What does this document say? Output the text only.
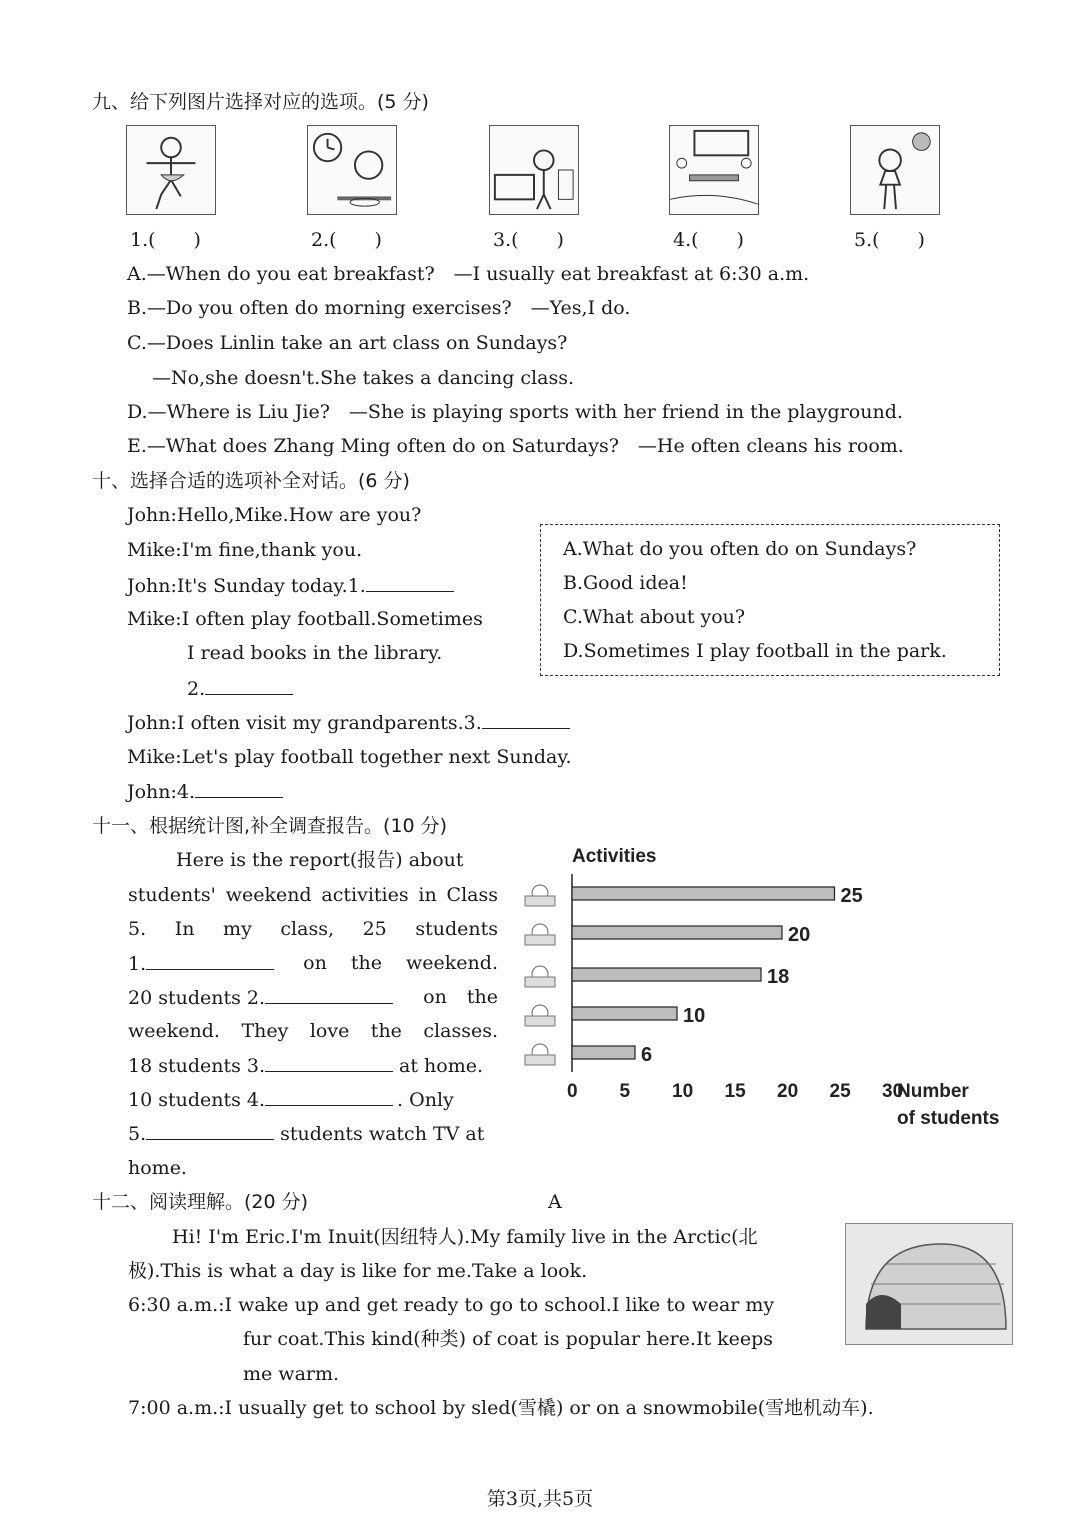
九、给下列图片选择对应的选项。(5 分)
1.(　　)	2.(　　)	3.(　　)	4.(　　)	5.(　　)
A.—When do you eat breakfast?　—I usually eat breakfast at 6:30 a.m.
B.—Do you often do morning exercises?　—Yes,I do.
C.—Does Linlin take an art class on Sundays?
—No,she doesn't.She takes a dancing class.
D.—Where is Liu Jie?　—She is playing sports with her friend in the playground.
E.—What does Zhang Ming often do on Saturdays?　—He often cleans his room.
十、选择合适的选项补全对话。(6 分)
John:Hello,Mike.How are you?
Mike:I'm fine,thank you.
John:It's Sunday today.1.
Mike:I often play football.Sometimes
I read books in the library.
2.
John:I often visit my grandparents.3.
Mike:Let's play football together next Sunday.
John:4.
A.What do you often do on Sundays?
B.Good idea!
C.What about you?
D.Sometimes I play football in the park.
十一、根据统计图,补全调查报告。(10 分)
Here is the report(报告) about
students' weekend activities in Class
5. In my class, 25 students
1.	on the weekend.
20 students 2.	on the
weekend. They love the classes.
18 students 3.	at home.
10 students 4.	. Only
5.	students watch TV at
home.
Activities
25
20
18
10
6
0 5 10 15 20 25 30
Number
of students
十二、阅读理解。(20 分)	A
Hi! I'm Eric.I'm Inuit(因纽特人).My family live in the Arctic(北
极).This is what a day is like for me.Take a look.
6:30 a.m.:I wake up and get ready to go to school.I like to wear my
fur coat.This kind(种类) of coat is popular here.It keeps
me warm.
7:00 a.m.:I usually get to school by sled(雪橇) or on a snowmobile(雪地机动车).
第3页,共5页
